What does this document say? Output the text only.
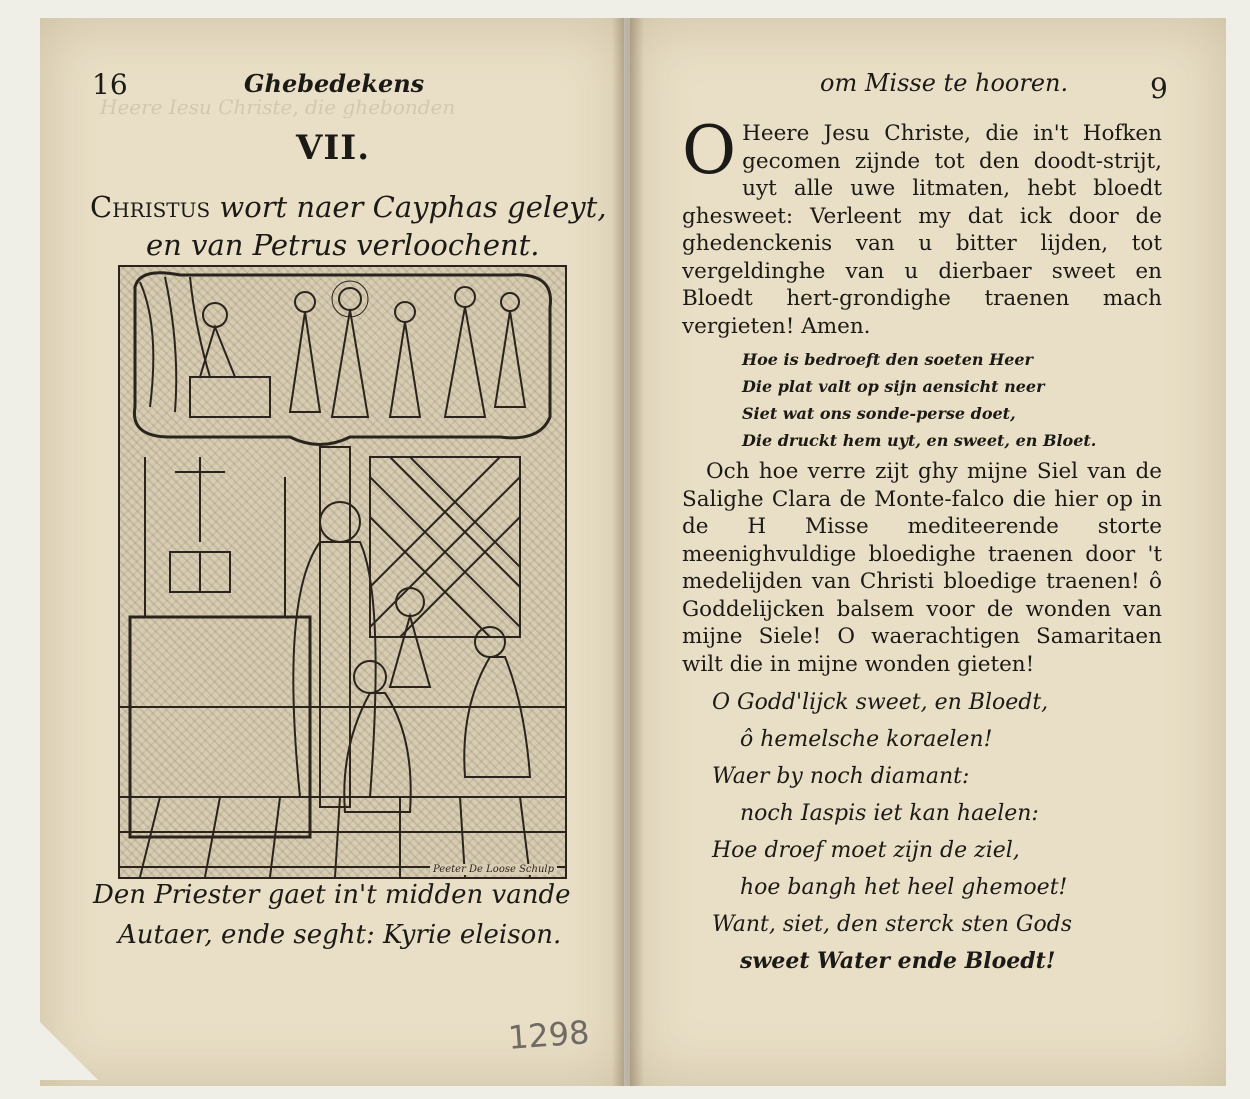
Heere Iesu Christe, die ghebonden
16	Ghebedekens
VII.
Christus wort naer Cayphas geleyt,
en van Petrus verloochent.
Peeter De Loose Schulp
Den Priester gaet in't midden vande
Autaer, ende seght: Kyrie eleison.
om Misse te hooren.	9

O Heere Jesu Christe, die in't Hofken gecomen zijnde tot den doodt-strijt, uyt alle uwe litmaten, hebt bloedt ghesweet: Verleent my dat ick door de ghedenckenis van u bitter lijden, tot vergeldinghe van u dierbaer sweet en Bloedt hert-grondighe traenen mach vergieten! Amen.

Hoe is bedroeft den soeten Heer
Die plat valt op sijn aensicht neer
Siet wat ons sonde-perse doet,
Die druckt hem uyt, en sweet, en Bloet.

Och hoe verre zijt ghy mijne Siel van de Salighe Clara de Monte-falco die hier op in de H Misse mediteerende storte meenighvuldige bloedighe traenen door 't medelijden van Christi bloedige traenen! ô Goddelijcken balsem voor de wonden van mijne Siele! O waerachtigen Samaritaen wilt die in mijne wonden gieten!

O Godd'lijck sweet, en Bloedt,
ô hemelsche koraelen!
Waer by noch diamant:
noch Iaspis iet kan haelen:
Hoe droef moet zijn de ziel,
hoe bangh het heel ghemoet!
Want, siet, den sterck sten Gods
sweet Water ende Bloedt!
1298
